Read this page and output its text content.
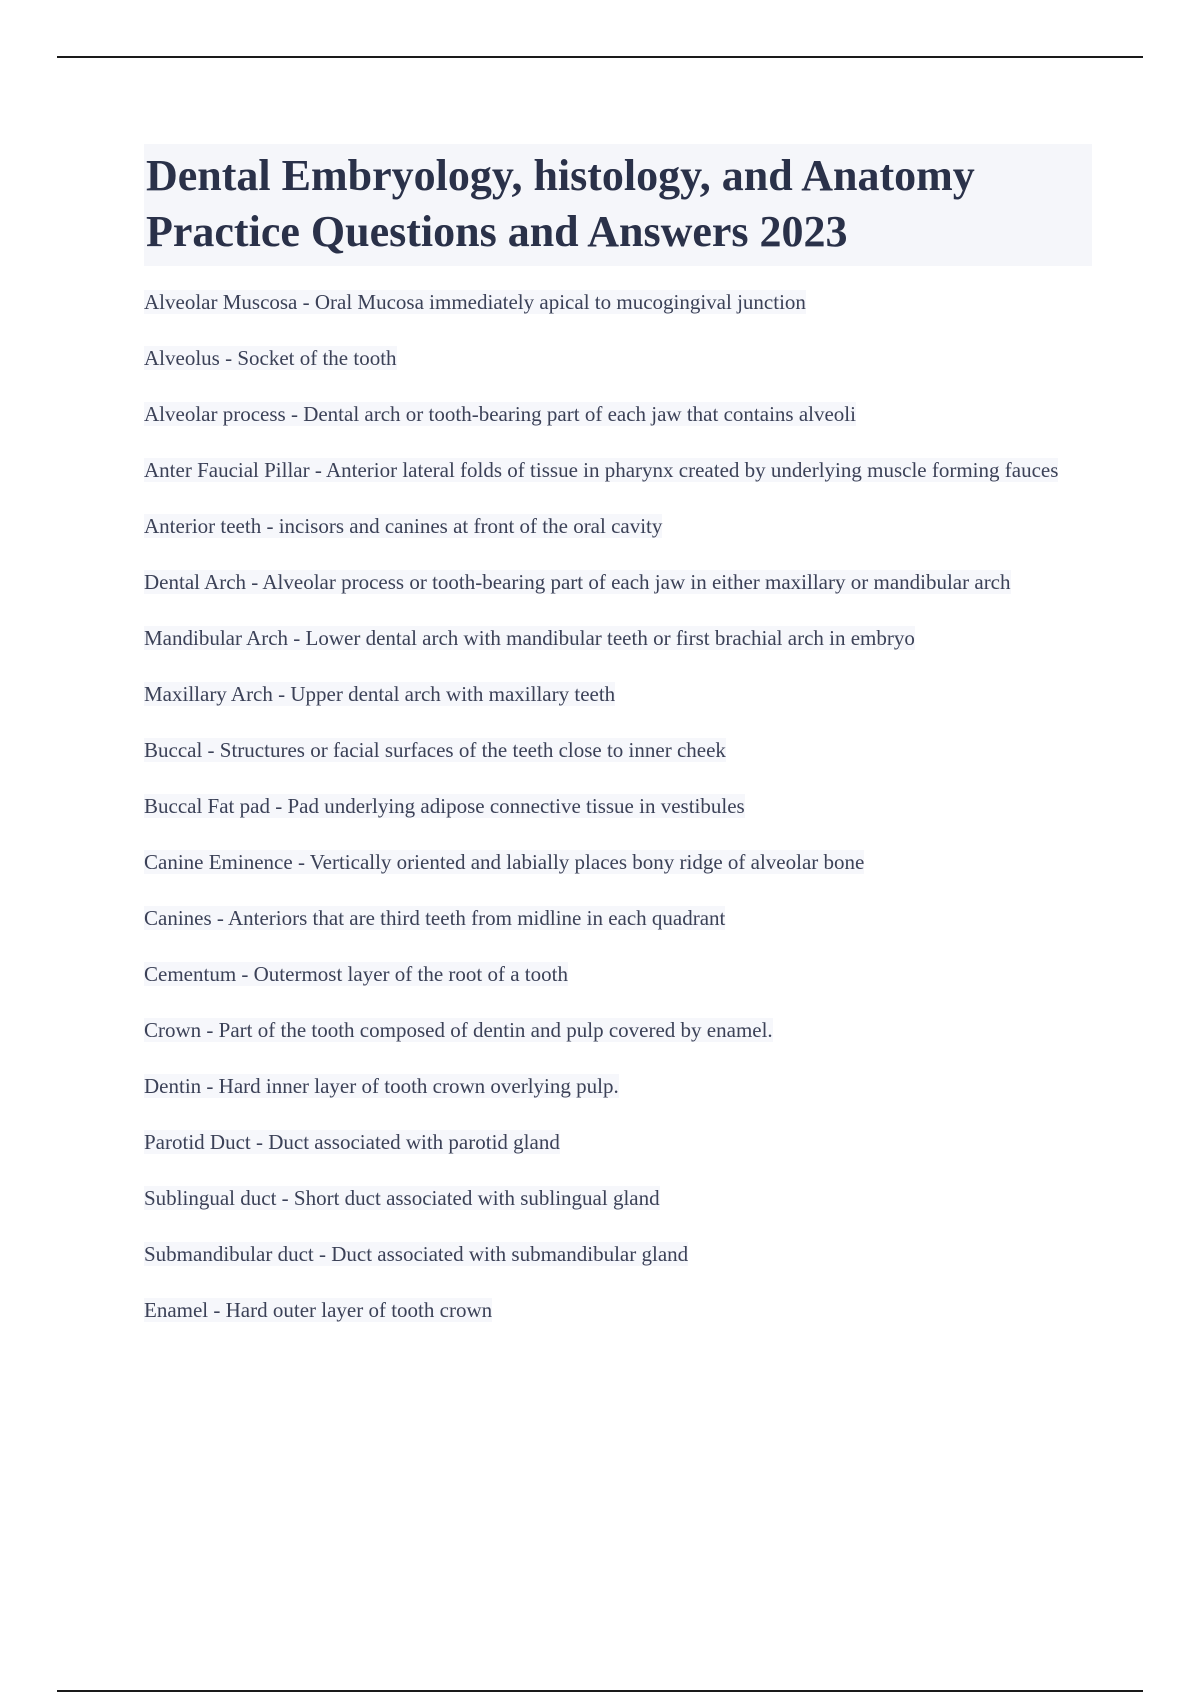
Dental Embryology, histology, and Anatomy
Practice Questions and Answers 2023
Alveolar Muscosa - Oral Mucosa immediately apical to mucogingival junction
Alveolus - Socket of the tooth
Alveolar process - Dental arch or tooth-bearing part of each jaw that contains alveoli
Anter Faucial Pillar - Anterior lateral folds of tissue in pharynx created by underlying muscle forming fauces
Anterior teeth - incisors and canines at front of the oral cavity
Dental Arch - Alveolar process or tooth-bearing part of each jaw in either maxillary or mandibular arch
Mandibular Arch - Lower dental arch with mandibular teeth or first brachial arch in embryo
Maxillary Arch - Upper dental arch with maxillary teeth
Buccal - Structures or facial surfaces of the teeth close to inner cheek
Buccal Fat pad - Pad underlying adipose connective tissue in vestibules
Canine Eminence - Vertically oriented and labially places bony ridge of alveolar bone
Canines - Anteriors that are third teeth from midline in each quadrant
Cementum - Outermost layer of the root of a tooth
Crown - Part of the tooth composed of dentin and pulp covered by enamel.
Dentin - Hard inner layer of tooth crown overlying pulp.
Parotid Duct - Duct associated with parotid gland
Sublingual duct - Short duct associated with sublingual gland
Submandibular duct - Duct associated with submandibular gland
Enamel - Hard outer layer of tooth crown
